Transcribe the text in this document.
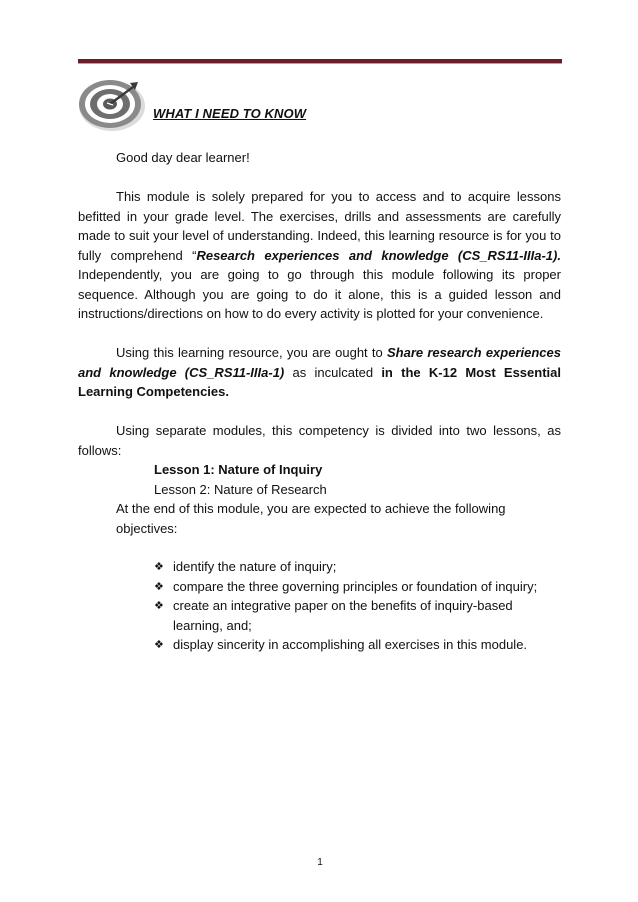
WHAT I NEED TO KNOW

Good day dear learner!

This module is solely prepared for you to access and to acquire lessons befitted in your grade level. The exercises, drills and assessments are carefully made to suit your level of understanding. Indeed, this learning resource is for you to fully comprehend “Research experiences and knowledge (CS_RS11-IIIa-1). Independently, you are going to go through this module following its proper sequence. Although you are going to do it alone, this is a guided lesson and instructions/directions on how to do every activity is plotted for your convenience.

Using this learning resource, you are ought to Share research experiences and knowledge (CS_RS11-IIIa-1) as inculcated in the K-12 Most Essential Learning Competencies.

Using separate modules, this competency is divided into two lessons, as follows:

Lesson 1: Nature of Inquiry
Lesson 2: Nature of Research
At the end of this module, you are expected to achieve the following objectives:
❖ identify the nature of inquiry;
❖ compare the three governing principles or foundation of inquiry;
❖ create an integrative paper on the benefits of inquiry-based learning, and;
❖ display sincerity in accomplishing all exercises in this module.
1
